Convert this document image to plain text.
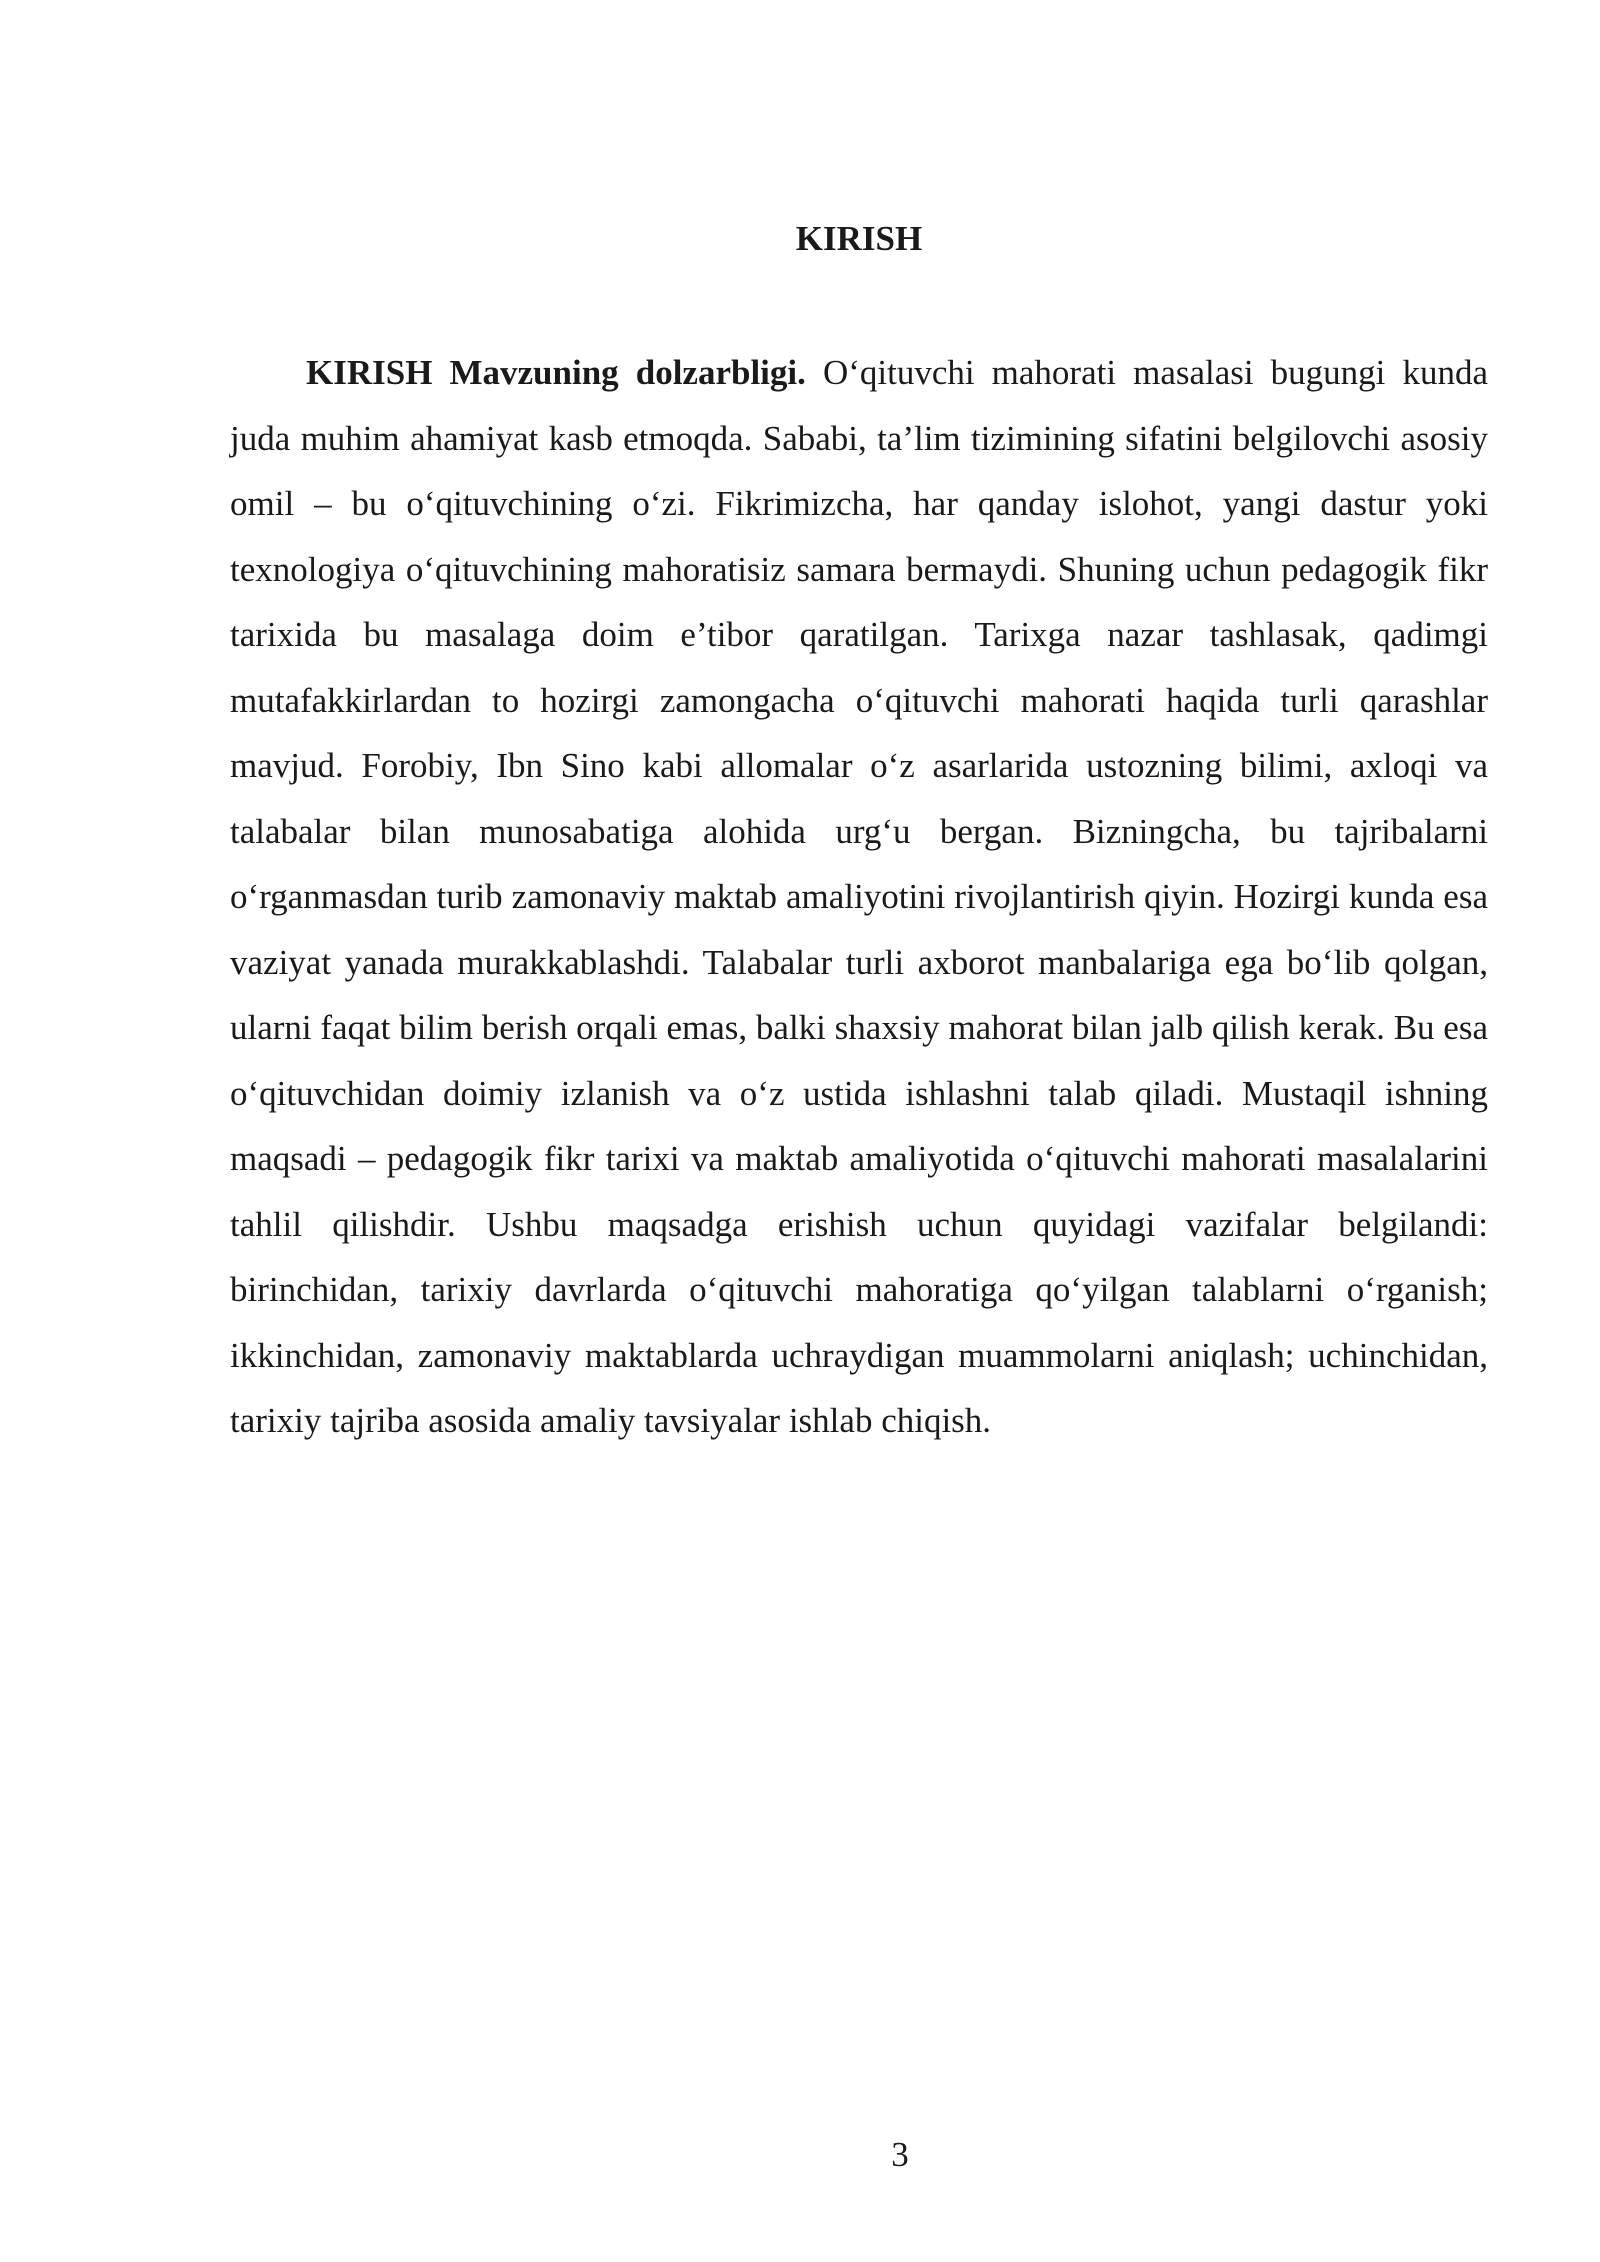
KIRISH

KIRISH Mavzuning dolzarbligi. O‘qituvchi mahorati masalasi bugungi kunda juda muhim ahamiyat kasb etmoqda. Sababi, ta’lim tizimining sifatini belgilovchi asosiy omil – bu o‘qituvchining o‘zi. Fikrimizcha, har qanday islohot, yangi dastur yoki texnologiya o‘qituvchining mahoratisiz samara bermaydi. Shuning uchun pedagogik fikr tarixida bu masalaga doim e’tibor qaratilgan. Tarixga nazar tashlasak, qadimgi mutafakkirlardan to hozirgi zamongacha o‘qituvchi mahorati haqida turli qarashlar mavjud. Forobiy, Ibn Sino kabi allomalar o‘z asarlarida ustozning bilimi, axloqi va talabalar bilan munosabatiga alohida urg‘u bergan. Bizningcha, bu tajribalarni o‘rganmasdan turib zamonaviy maktab amaliyotini rivojlantirish qiyin. Hozirgi kunda esa vaziyat yanada murakkablashdi. Talabalar turli axborot manbalariga ega bo‘lib qolgan, ularni faqat bilim berish orqali emas, balki shaxsiy mahorat bilan jalb qilish kerak. Bu esa o‘qituvchidan doimiy izlanish va o‘z ustida ishlashni talab qiladi. Mustaqil ishning maqsadi – pedagogik fikr tarixi va maktab amaliyotida o‘qituvchi mahorati masalalarini tahlil qilishdir. Ushbu maqsadga erishish uchun quyidagi vazifalar belgilandi: birinchidan, tarixiy davrlarda o‘qituvchi mahoratiga qo‘yilgan talablarni o‘rganish; ikkinchidan, zamonaviy maktablarda uchraydigan muammolarni aniqlash; uchinchidan, tarixiy tajriba asosida amaliy tavsiyalar ishlab chiqish.

3
